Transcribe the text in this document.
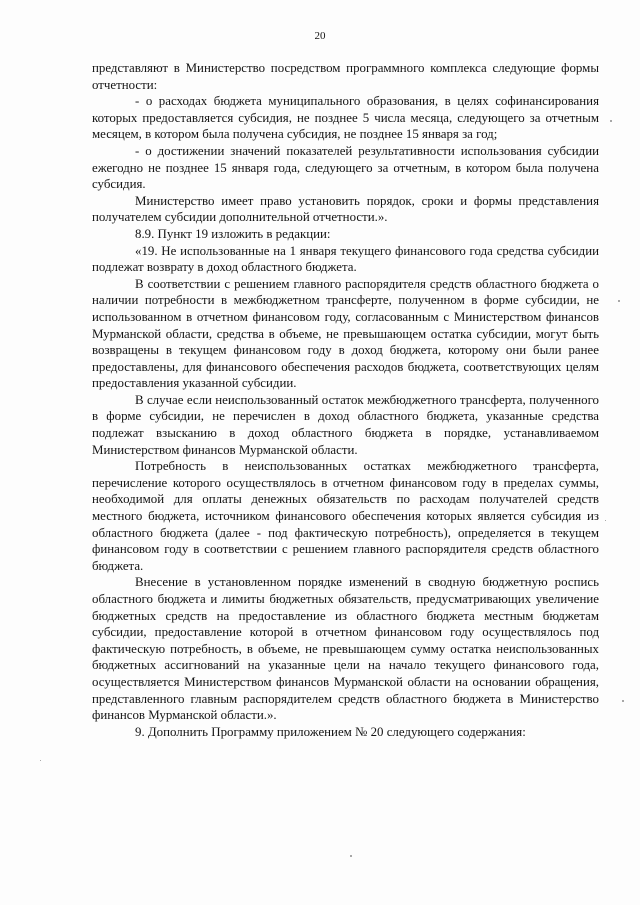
20

представляют в Министерство посредством программного комплекса следующие формы отчетности:

- о расходах бюджета муниципального образования, в целях софинансирования которых предоставляется субсидия, не позднее 5 числа месяца, следующего за отчетным месяцем, в котором была получена субсидия, не позднее 15 января за год;

- о достижении значений показателей результативности использования субсидии ежегодно не позднее 15 января года, следующего за отчетным, в котором была получена субсидия.

Министерство имеет право установить порядок, сроки и формы представления получателем субсидии дополнительной отчетности.».

8.9. Пункт 19 изложить в редакции:

«19. Не использованные на 1 января текущего финансового года средства субсидии подлежат возврату в доход областного бюджета.

В соответствии с решением главного распорядителя средств областного бюджета о наличии потребности в межбюджетном трансферте, полученном в форме субсидии, не использованном в отчетном финансовом году, согласованным с Министерством финансов Мурманской области, средства в объеме, не превышающем остатка субсидии, могут быть возвращены в текущем финансовом году в доход бюджета, которому они были ранее предоставлены, для финансового обеспечения расходов бюджета, соответствующих целям предоставления указанной субсидии.

В случае если неиспользованный остаток межбюджетного трансферта, полученного в форме субсидии, не перечислен в доход областного бюджета, указанные средства подлежат взысканию в доход областного бюджета в порядке, устанавливаемом Министерством финансов Мурманской области.

Потребность в неиспользованных остатках межбюджетного трансферта, перечисление которого осуществлялось в отчетном финансовом году в пределах суммы, необходимой для оплаты денежных обязательств по расходам получателей средств местного бюджета, источником финансового обеспечения которых является субсидия из областного бюджета (далее - под фактическую потребность), определяется в текущем финансовом году в соответствии с решением главного распорядителя средств областного бюджета.

Внесение в установленном порядке изменений в сводную бюджетную роспись областного бюджета и лимиты бюджетных обязательств, предусматривающих увеличение бюджетных средств на предоставление из областного бюджета местным бюджетам субсидии, предоставление которой в отчетном финансовом году осуществлялось под фактическую потребность, в объеме, не превышающем сумму остатка неиспользованных бюджетных ассигнований на указанные цели на начало текущего финансового года, осуществляется Министерством финансов Мурманской области на основании обращения, представленного главным распорядителем средств областного бюджета в Министерство финансов Мурманской области.».

9. Дополнить Программу приложением № 20 следующего содержания:
